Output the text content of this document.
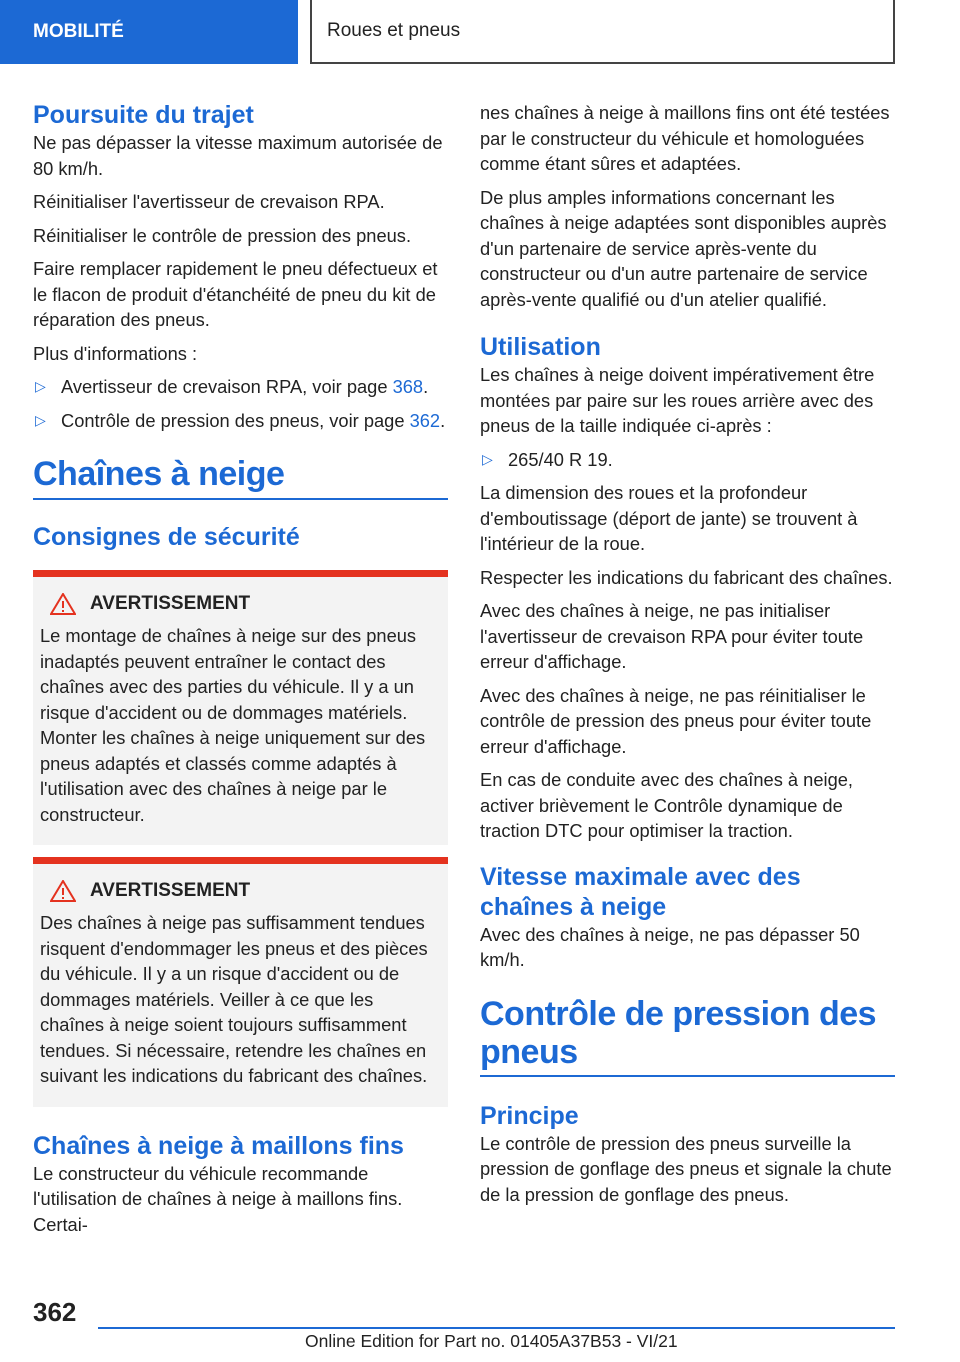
MOBILITÉ	Roues et pneus
Poursuite du trajet

Ne pas dépasser la vitesse maximum autorisée de 80 km/h.

Réinitialiser l'avertisseur de crevaison RPA.

Réinitialiser le contrôle de pression des pneus.

Faire remplacer rapidement le pneu défectueux et le flacon de produit d'étanchéité de pneu du kit de réparation des pneus.

Plus d'informations :

▷ Avertisseur de crevaison RPA, voir page 368.
▷ Contrôle de pression des pneus, voir page 362.
Chaînes à neige
Consignes de sécurité
AVERTISSEMENT

Le montage de chaînes à neige sur des pneus inadaptés peuvent entraîner le contact des chaînes avec des parties du véhicule. Il y a un risque d'accident ou de dommages matériels. Monter les chaînes à neige uniquement sur des pneus adaptés et classés comme adaptés à l'utilisation avec des chaînes à neige par le constructeur.

AVERTISSEMENT

Des chaînes à neige pas suffisamment tendues risquent d'endommager les pneus et des pièces du véhicule. Il y a un risque d'accident ou de dommages matériels. Veiller à ce que les chaînes à neige soient toujours suffisamment tendues. Si nécessaire, retendre les chaînes en suivant les indications du fabricant des chaînes.

Chaînes à neige à maillons fins

Le constructeur du véhicule recommande l'utilisation de chaînes à neige à maillons fins. Certai-

nes chaînes à neige à maillons fins ont été testées par le constructeur du véhicule et homologuées comme étant sûres et adaptées.

De plus amples informations concernant les chaînes à neige adaptées sont disponibles auprès d'un partenaire de service après-vente du constructeur ou d'un autre partenaire de service après-vente qualifié ou d'un atelier qualifié.

Utilisation

Les chaînes à neige doivent impérativement être montées par paire sur les roues arrière avec des pneus de la taille indiquée ci-après :

▷ 265/40 R 19.

La dimension des roues et la profondeur d'emboutissage (déport de jante) se trouvent à l'intérieur de la roue.

Respecter les indications du fabricant des chaînes.

Avec des chaînes à neige, ne pas initialiser l'avertisseur de crevaison RPA pour éviter toute erreur d'affichage.

Avec des chaînes à neige, ne pas réinitialiser le contrôle de pression des pneus pour éviter toute erreur d'affichage.

En cas de conduite avec des chaînes à neige, activer brièvement le Contrôle dynamique de traction DTC pour optimiser la traction.

Vitesse maximale avec des chaînes à neige

Avec des chaînes à neige, ne pas dépasser 50 km/h.

Contrôle de pression des pneus
Principe

Le contrôle de pression des pneus surveille la pression de gonflage des pneus et signale la chute de la pression de gonflage des pneus.

362
Online Edition for Part no. 01405A37B53 - VI/21
